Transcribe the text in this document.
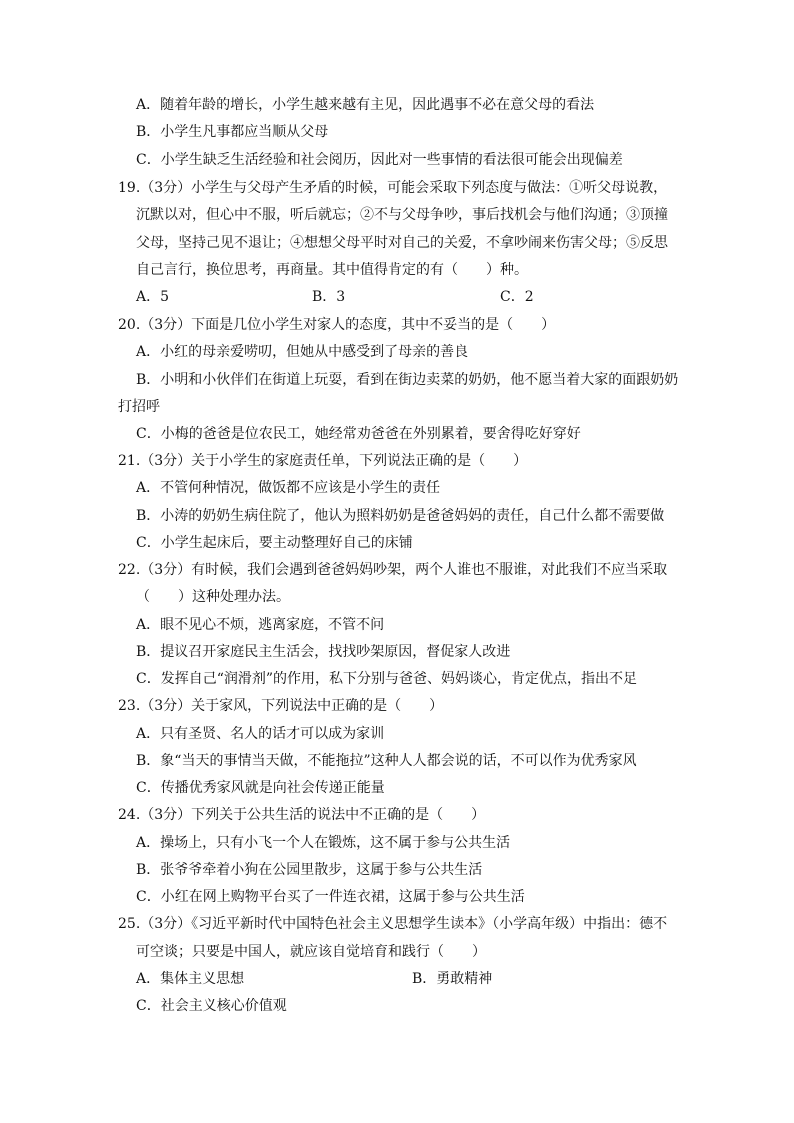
A．随着年龄的增长，小学生越来越有主见，因此遇事不必在意父母的看法
B．小学生凡事都应当顺从父母
C．小学生缺乏生活经验和社会阅历，因此对一些事情的看法很可能会出现偏差
19.（3分）小学生与父母产生矛盾的时候，可能会采取下列态度与做法：①听父母说教，
沉默以对，但心中不服，听后就忘；②不与父母争吵，事后找机会与他们沟通；③顶撞
父母，坚持己见不退让；④想想父母平时对自己的关爱，不拿吵闹来伤害父母；⑤反思
自己言行，换位思考，再商量。其中值得肯定的有（　　）种。
A．5	B．3	C．2
20.（3分）下面是几位小学生对家人的态度，其中不妥当的是（　　）
A．小红的母亲爱唠叨，但她从中感受到了母亲的善良
B．小明和小伙伴们在街道上玩耍，看到在街边卖菜的奶奶，他不愿当着大家的面跟奶奶
打招呼
C．小梅的爸爸是位农民工，她经常劝爸爸在外别累着，要舍得吃好穿好
21.（3分）关于小学生的家庭责任单，下列说法正确的是（　　）
A．不管何种情况，做饭都不应该是小学生的责任
B．小涛的奶奶生病住院了，他认为照料奶奶是爸爸妈妈的责任，自己什么都不需要做
C．小学生起床后，要主动整理好自己的床铺
22.（3分）有时候，我们会遇到爸爸妈妈吵架，两个人谁也不服谁，对此我们不应当采取
（　　）这种处理办法。
A．眼不见心不烦，逃离家庭，不管不问
B．提议召开家庭民主生活会，找找吵架原因，督促家人改进
C．发挥自己“润滑剂”的作用，私下分别与爸爸、妈妈谈心，肯定优点，指出不足
23.（3分）关于家风，下列说法中正确的是（　　）
A．只有圣贤、名人的话才可以成为家训
B．象“当天的事情当天做，不能拖拉”这种人人都会说的话，不可以作为优秀家风
C．传播优秀家风就是向社会传递正能量
24.（3分）下列关于公共生活的说法中不正确的是（　　）
A．操场上，只有小飞一个人在锻炼，这不属于参与公共生活
B．张爷爷牵着小狗在公园里散步，这属于参与公共生活
C．小红在网上购物平台买了一件连衣裙，这属于参与公共生活
25.（3分）《习近平新时代中国特色社会主义思想学生读本》（小学高年级）中指出：德不
可空谈；只要是中国人，就应该自觉培育和践行（　　）
A．集体主义思想	B．勇敢精神
C．社会主义核心价值观
